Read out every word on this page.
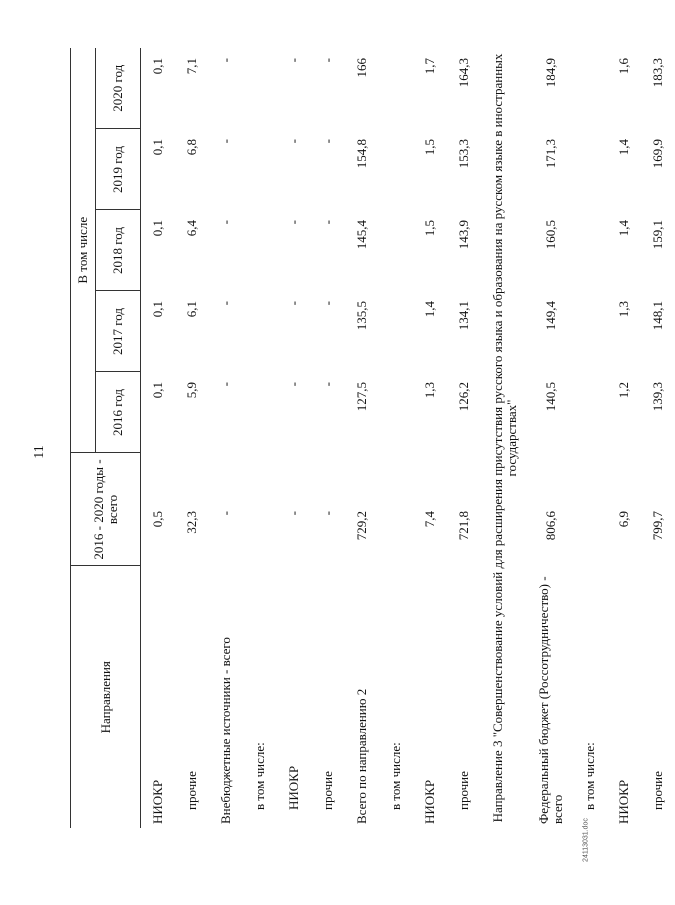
11
24113031.doc
Направления	2016 - 2020 годы - всего	В том числе				
		2016 год	2017 год	2018 год	2019 год	2020 год
НИОКР	0,5	0,1	0,1	0,1	0,1	0,1
прочие	32,3	5,9	6,1	6,4	6,8	7,1
Внебюджетные источники - всего	-	-	-	-	-	-
в том числе:						
НИОКР	-	-	-	-	-	-
прочие	-	-	-	-	-	-
Всего по направлению 2	729,2	127,5	135,5	145,4	154,8	166
в том числе:						
НИОКР	7,4	1,3	1,4	1,5	1,5	1,7
прочие	721,8	126,2	134,1	143,9	153,3	164,3
Направление 3 "Совершенствование условий для расширения присутствия русского языка и образования на русском языке в иностранных государствах"						
Федеральный бюджет (Россотрудничество) - всего	806,6	140,5	149,4	160,5	171,3	184,9
в том числе:						
НИОКР	6,9	1,2	1,3	1,4	1,4	1,6
прочие	799,7	139,3	148,1	159,1	169,9	183,3
